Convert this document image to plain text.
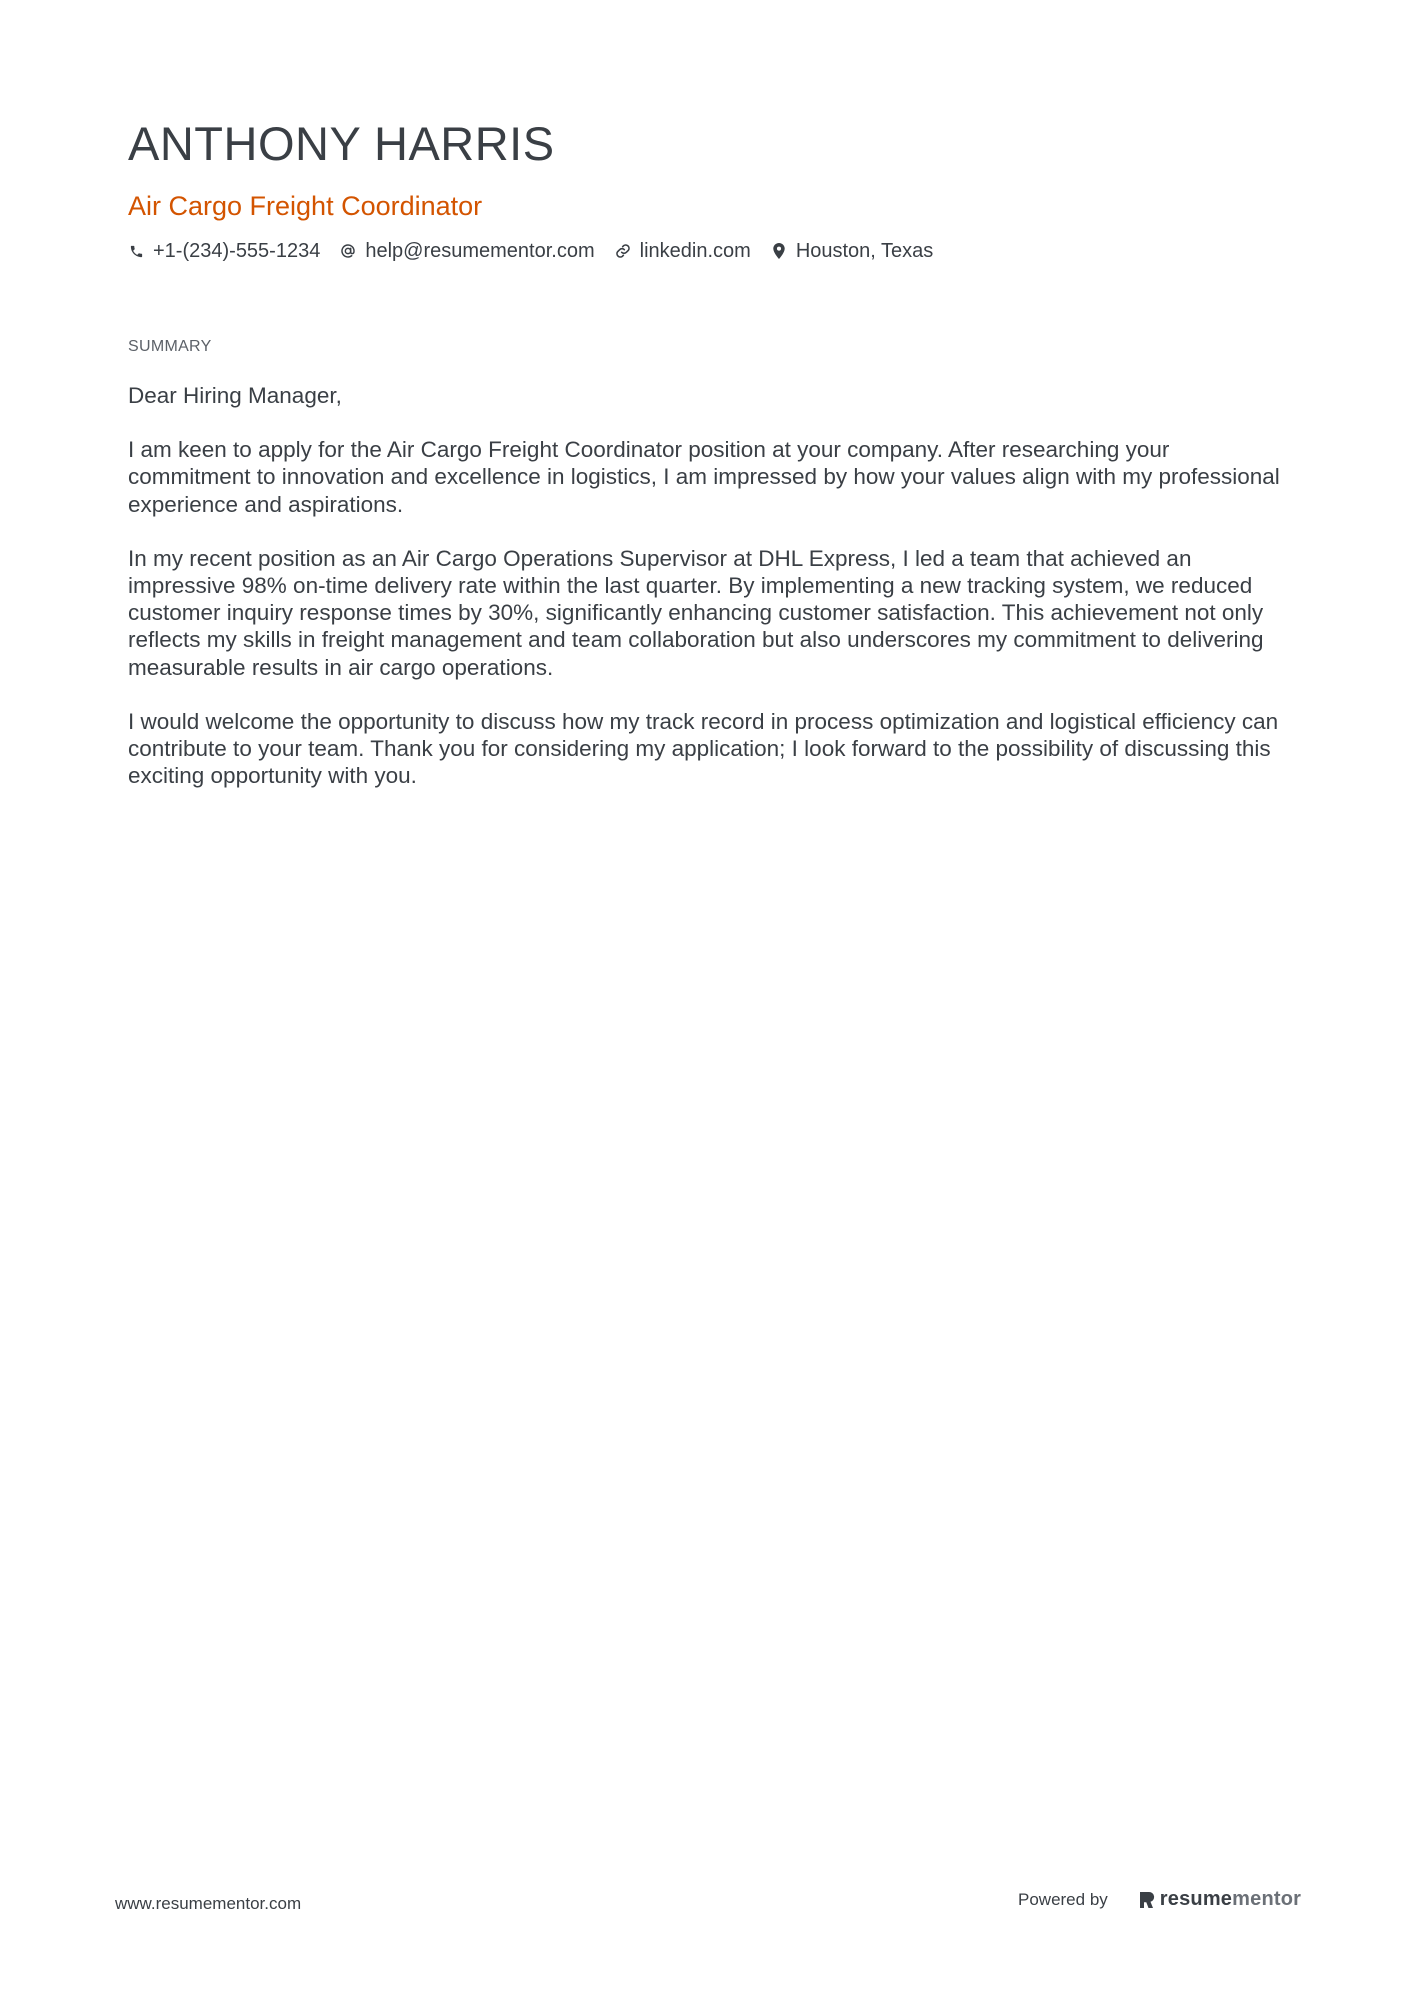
ANTHONY HARRIS
Air Cargo Freight Coordinator
+1-(234)-555-1234 help@resumementor.com linkedin.com Houston, Texas
SUMMARY

Dear Hiring Manager,

I am keen to apply for the Air Cargo Freight Coordinator position at your company. After researching your commitment to innovation and excellence in logistics, I am impressed by how your values align with my professional experience and aspirations.

In my recent position as an Air Cargo Operations Supervisor at DHL Express, I led a team that achieved an impressive 98% on-time delivery rate within the last quarter. By implementing a new tracking system, we reduced customer inquiry response times by 30%, significantly enhancing customer satisfaction. This achievement not only reflects my skills in freight management and team collaboration but also underscores my commitment to delivering measurable results in air cargo operations.

I would welcome the opportunity to discuss how my track record in process optimization and logistical efficiency can contribute to your team. Thank you for considering my application; I look forward to the possibility of discussing this exciting opportunity with you.

www.resumementor.com	Powered by	resume mentor
